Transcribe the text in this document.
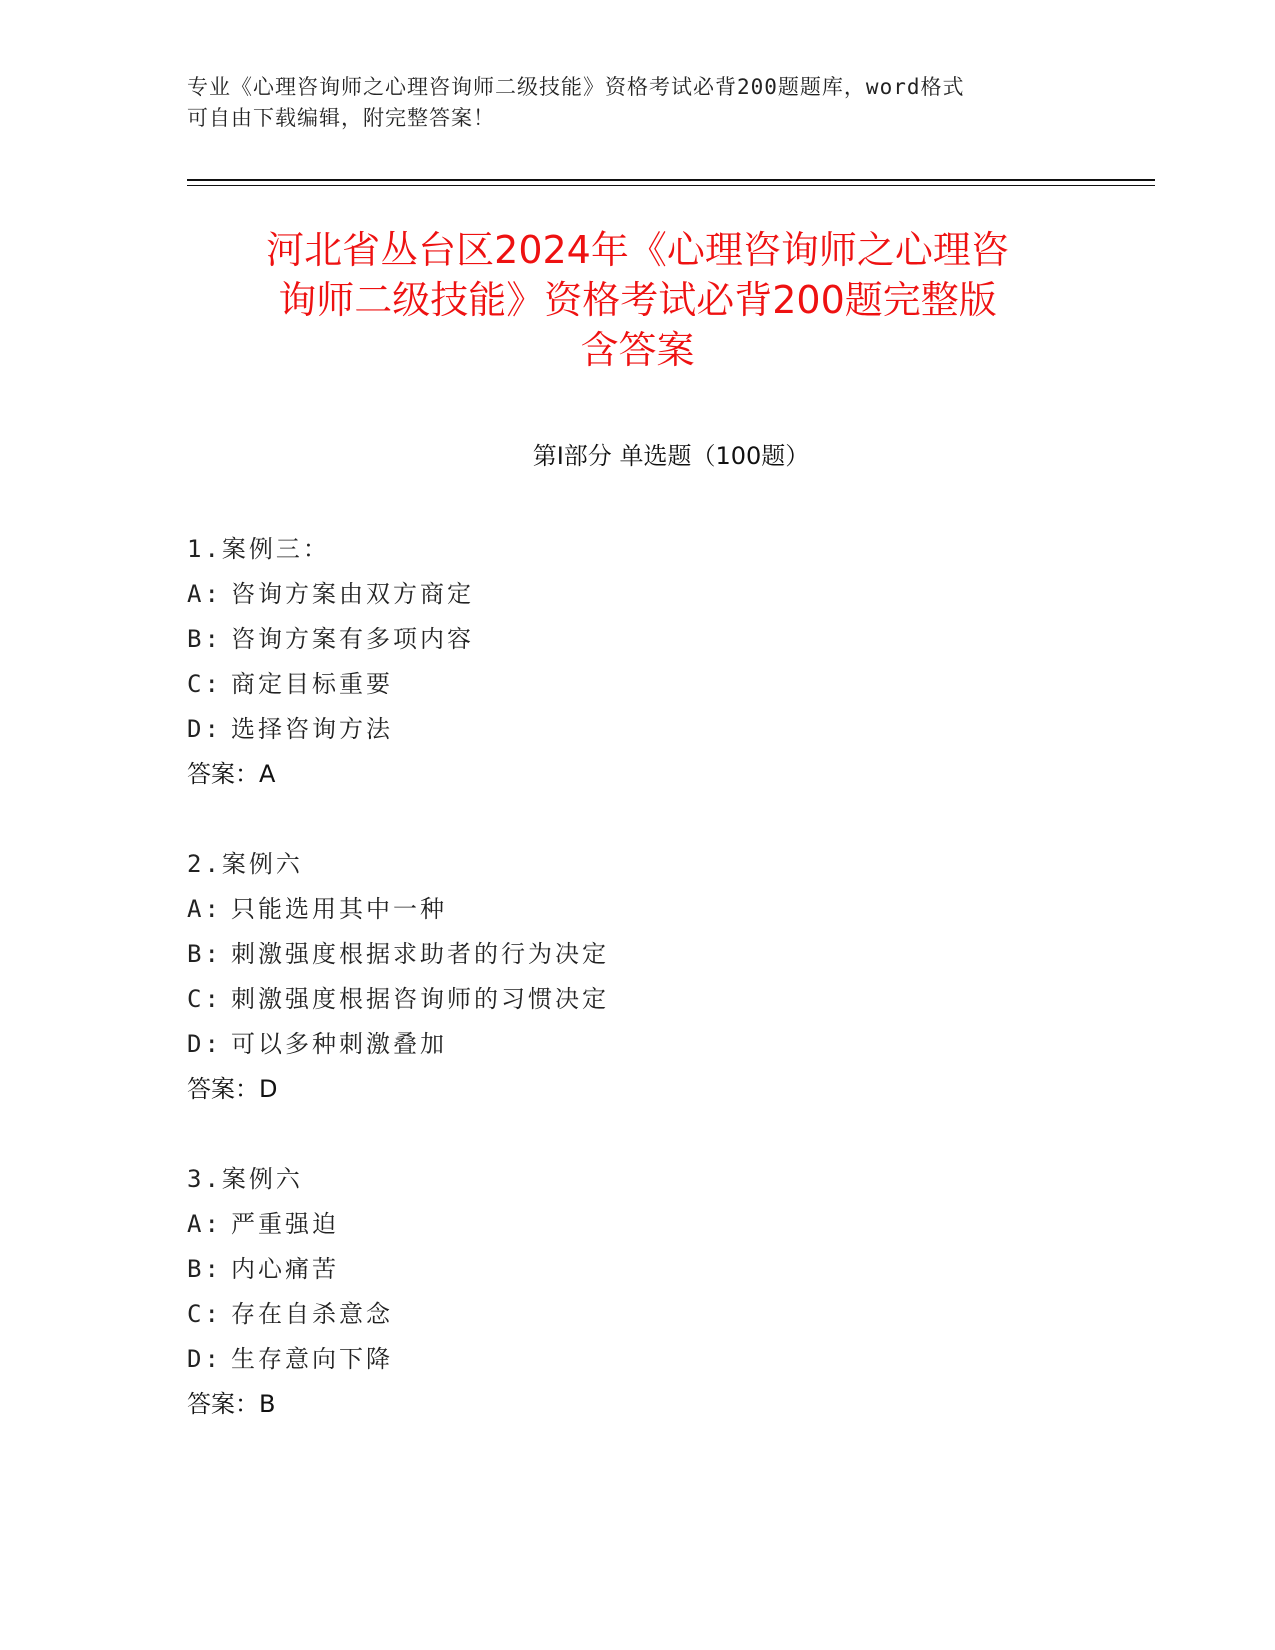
专业《心理咨询师之心理咨询师二级技能》资格考试必背200题题库，word格式
可自由下载编辑，附完整答案！
河北省丛台区2024年《心理咨询师之心理咨
询师二级技能》资格考试必背200题完整版
含答案
第Ⅰ部分 单选题（100题）
1.案例三：
A: 咨询方案由双方商定
B: 咨询方案有多项内容
C: 商定目标重要
D: 选择咨询方法
答案：A
2.案例六
A: 只能选用其中一种
B: 刺激强度根据求助者的行为决定
C: 刺激强度根据咨询师的习惯决定
D: 可以多种刺激叠加
答案：D
3.案例六
A: 严重强迫
B: 内心痛苦
C: 存在自杀意念
D: 生存意向下降
答案：B
